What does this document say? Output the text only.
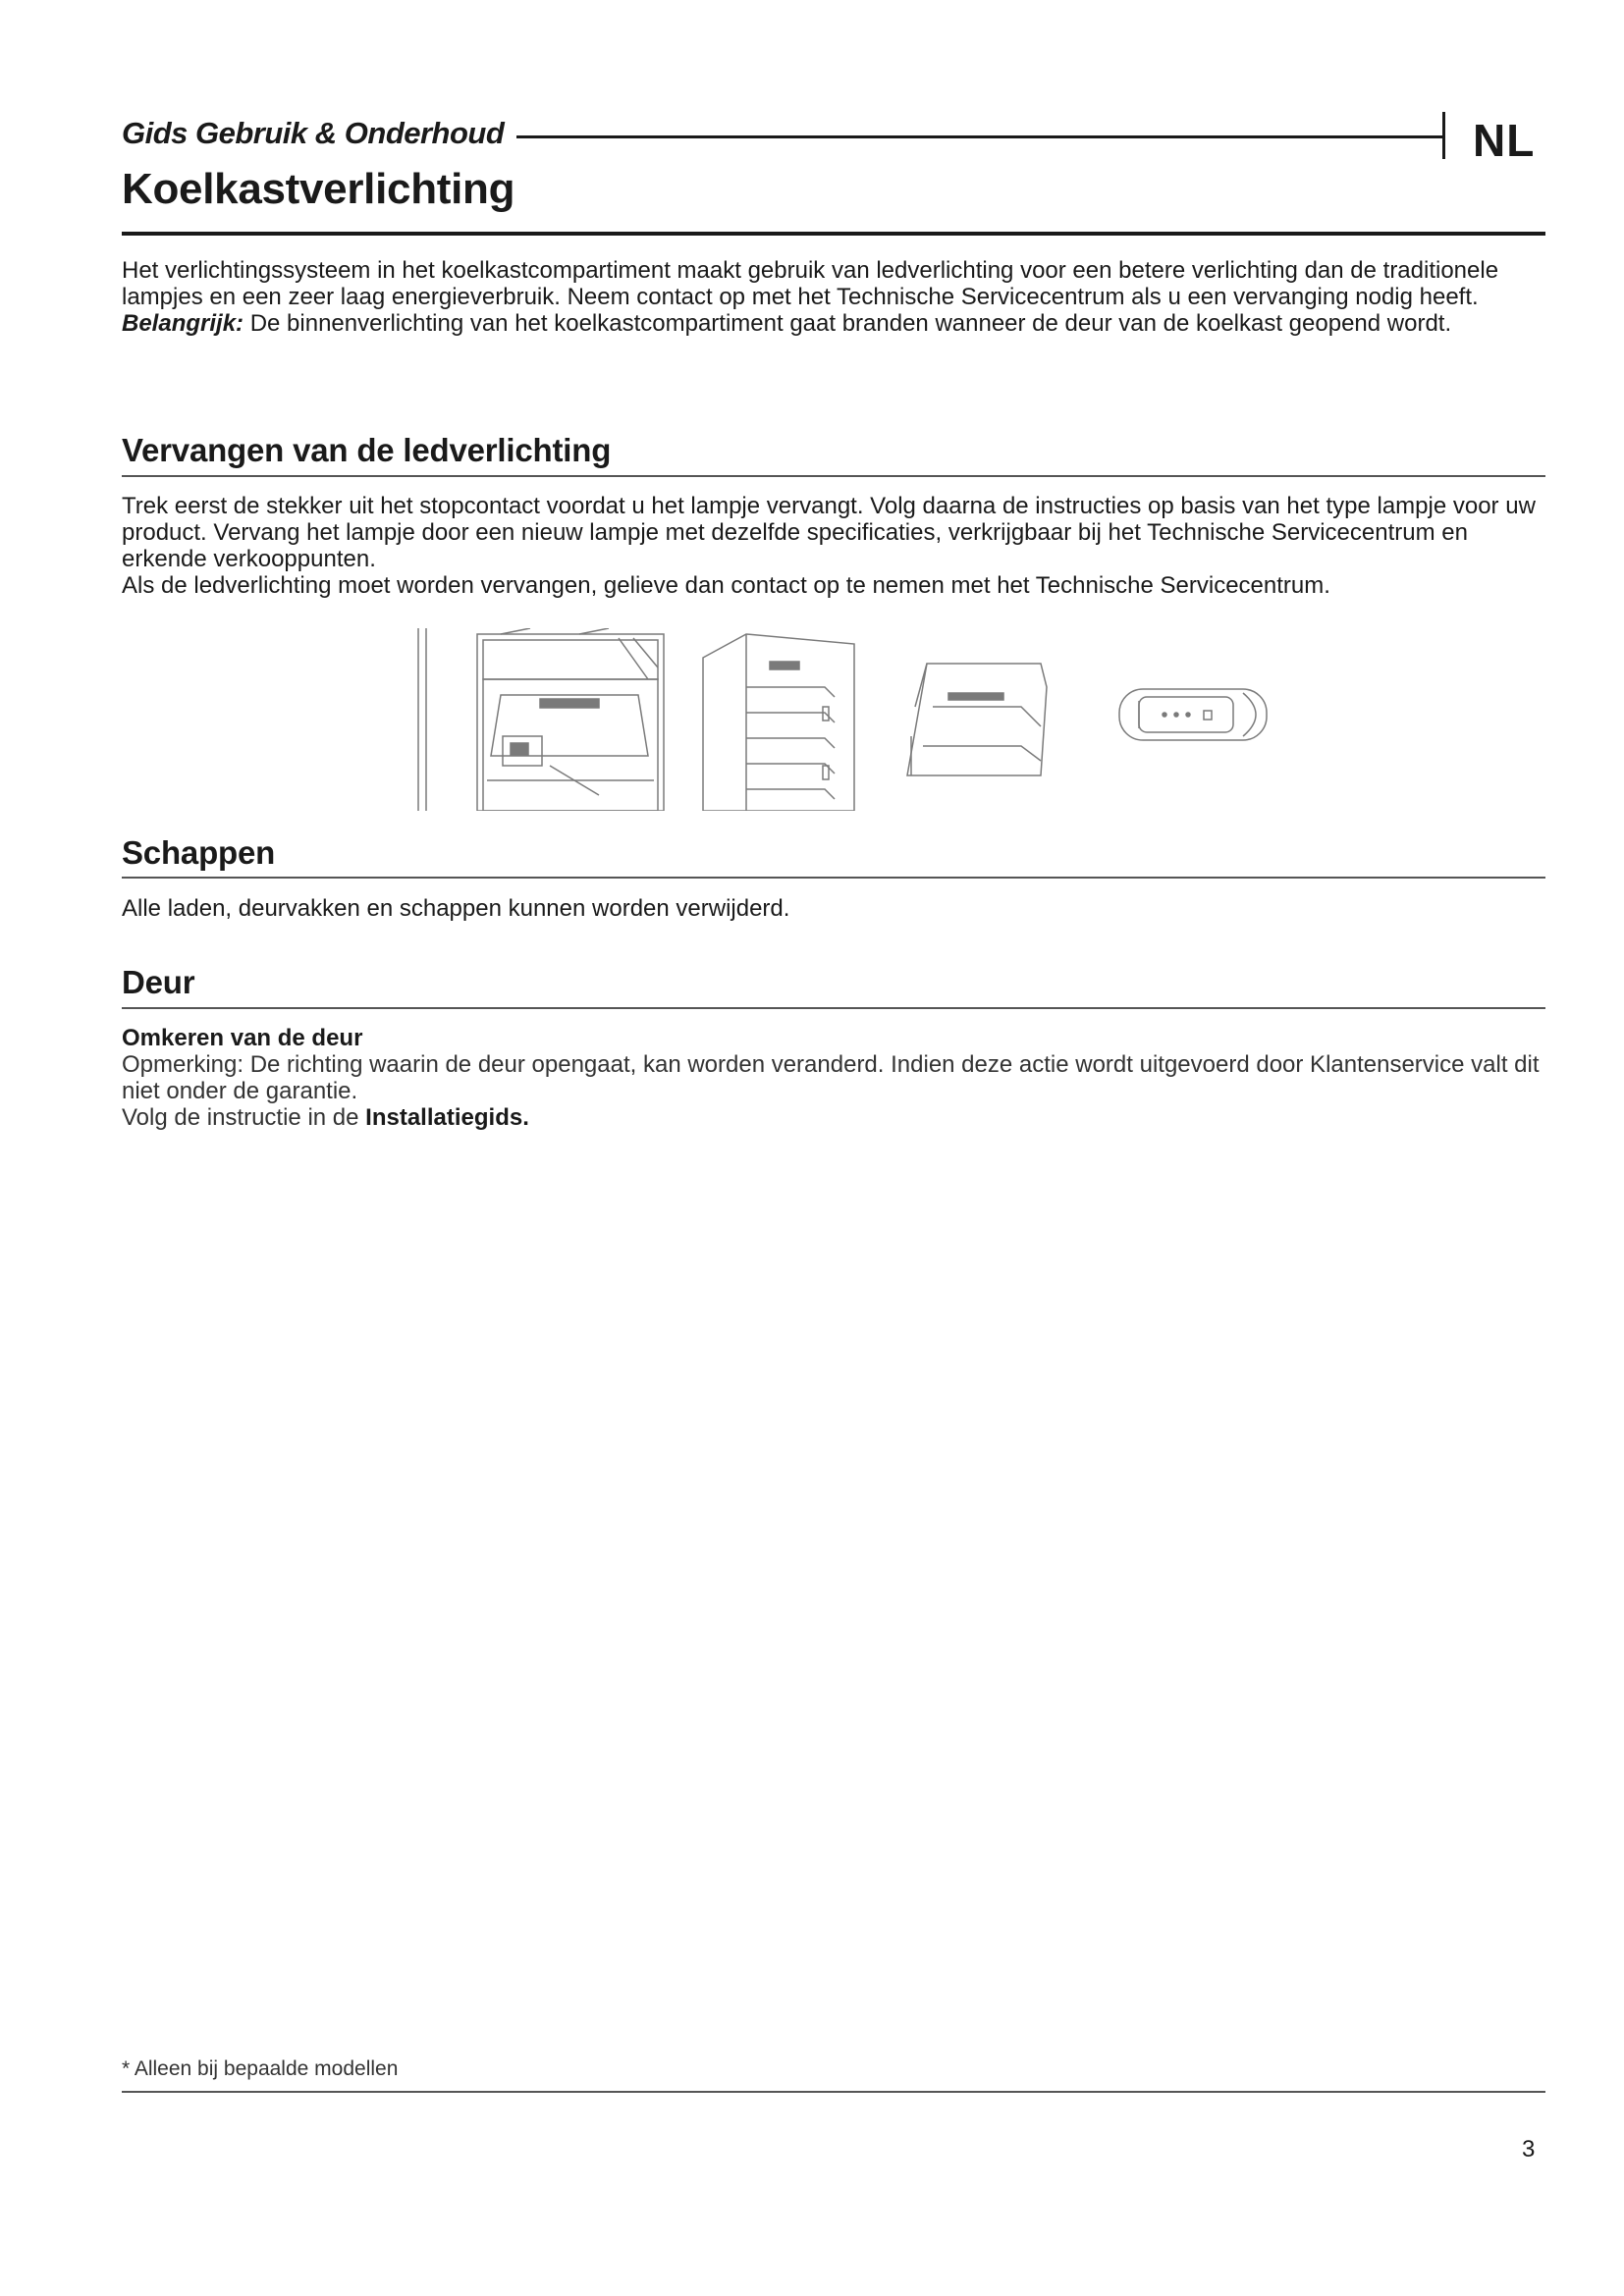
Gids Gebruik & Onderhoud	NL
Koelkastverlichting

Het verlichtingssysteem in het koelkastcompartiment maakt gebruik van ledverlichting voor een betere verlichting dan de traditionele lampjes en een zeer laag energieverbruik. Neem contact op met het Technische Servicecentrum als u een vervanging nodig heeft.

Belangrijk: De binnenverlichting van het koelkastcompartiment gaat branden wanneer de deur van de koelkast geopend wordt.

Vervangen van de ledverlichting

Trek eerst de stekker uit het stopcontact voordat u het lampje vervangt. Volg daarna de instructies op basis van het type lampje voor uw product. Vervang het lampje door een nieuw lampje met dezelfde specificaties, verkrijgbaar bij het Technische Servicecentrum en erkende verkooppunten.

Als de ledverlichting moet worden vervangen, gelieve dan contact op te nemen met het Technische Servicecentrum.

Schappen

Alle laden, deurvakken en schappen kunnen worden verwijderd.

Deur

Omkeren van de deur

Opmerking: De richting waarin de deur opengaat, kan worden veranderd. Indien deze actie wordt uitgevoerd door Klantenservice valt dit niet onder de garantie.

Volg de instructie in de Installatiegids.

* Alleen bij bepaalde modellen
3
